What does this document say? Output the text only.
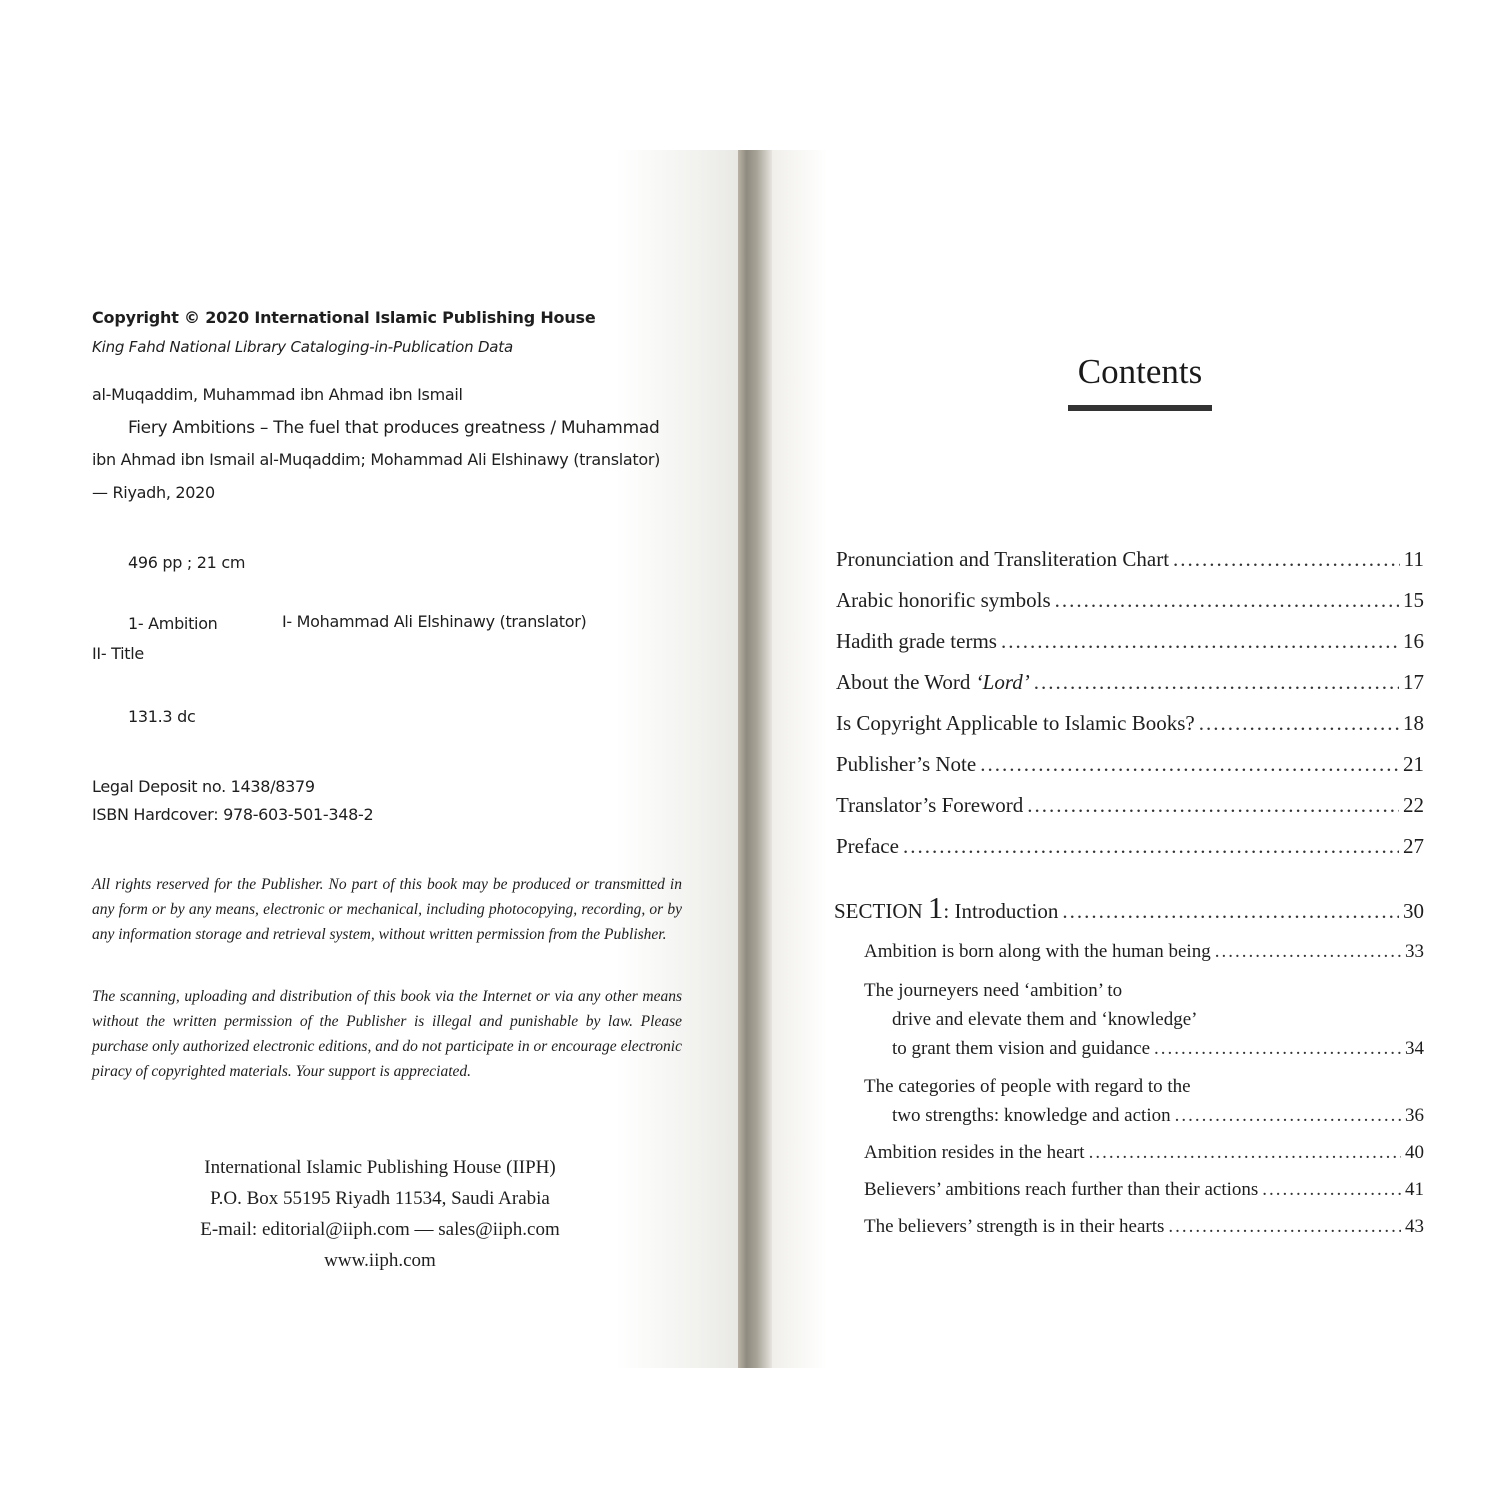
Copyright © 2020 International Islamic Publishing House
King Fahd National Library Cataloging-in-Publication Data
al-Muqaddim, Muhammad ibn Ahmad ibn Ismail
Fiery Ambitions – The fuel that produces greatness / Muhammad
ibn Ahmad ibn Ismail al-Muqaddim; Mohammad Ali Elshinawy (translator)
— Riyadh, 2020
496 pp ; 21 cm
1- Ambition	I- Mohammad Ali Elshinawy (translator)
II- Title
131.3 dc
Legal Deposit no. 1438/8379
ISBN Hardcover: 978-603-501-348-2
All rights reserved for the Publisher. No part of this book may be produced or transmitted in any form or by any means, electronic or mechanical, including photocopying, recording, or by any information storage and retrieval system, without written permission from the Publisher.
The scanning, uploading and distribution of this book via the Internet or via any other means without the written permission of the Publisher is illegal and punishable by law. Please purchase only authorized electronic editions, and do not participate in or encourage electronic piracy of copyrighted materials. Your support is appreciated.
International Islamic Publishing House (IIPH)
P.O. Box 55195 Riyadh 11534, Saudi Arabia
E-mail: editorial@iiph.com — sales@iiph.com
www.iiph.com
Contents
Pronunciation and Transliteration Chart .....	11
Arabic honorific symbols .....	15
Hadith grade terms .....	16
About the Word ‘Lord’ .....	17
Is Copyright Applicable to Islamic Books? .....	18
Publisher’s Note .....	21
Translator’s Foreword .....	22
Preface .....	27
SECTION 1: Introduction .....	30
Ambition is born along with the human being .....	33
The journeyers need ‘ambition’ to
drive and elevate them and ‘knowledge’
to grant them vision and guidance .....	34
The categories of people with regard to the
two strengths: knowledge and action .....	36
Ambition resides in the heart .....	40
Believers’ ambitions reach further than their actions .....	41
The believers’ strength is in their hearts .....	43
